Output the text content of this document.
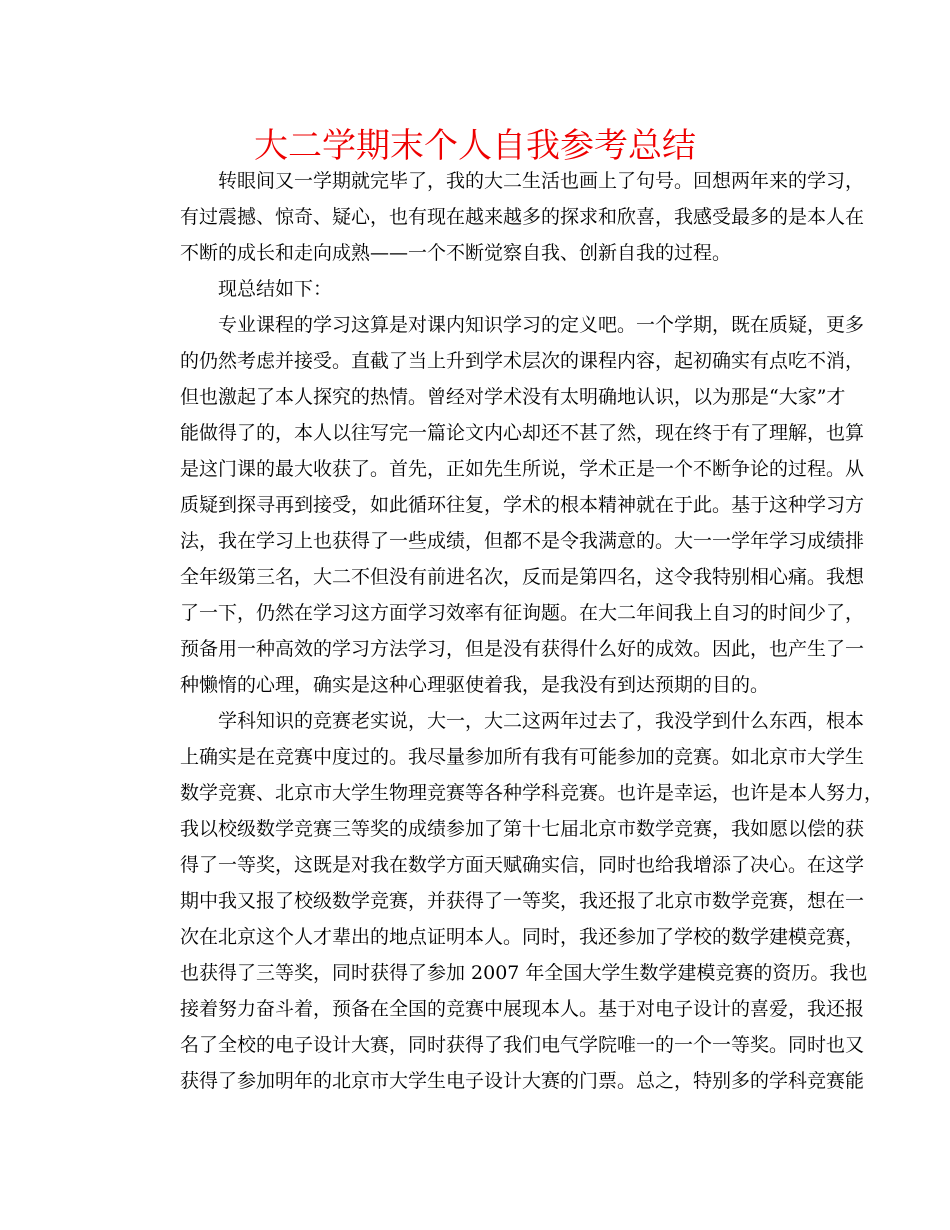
大二学期末个人自我参考总结
转眼间又一学期就完毕了，我的大二生活也画上了句号。回想两年来的学习，
有过震撼、惊奇、疑心，也有现在越来越多的探求和欣喜，我感受最多的是本人在
不断的成长和走向成熟——一个不断觉察自我、创新自我的过程。
现总结如下：
专业课程的学习这算是对课内知识学习的定义吧。一个学期，既在质疑，更多
的仍然考虑并接受。直截了当上升到学术层次的课程内容，起初确实有点吃不消，
但也激起了本人探究的热情。曾经对学术没有太明确地认识，以为那是“大家”才
能做得了的，本人以往写完一篇论文内心却还不甚了然，现在终于有了理解，也算
是这门课的最大收获了。首先，正如先生所说，学术正是一个不断争论的过程。从
质疑到探寻再到接受，如此循环往复，学术的根本精神就在于此。基于这种学习方
法，我在学习上也获得了一些成绩，但都不是令我满意的。大一一学年学习成绩排
全年级第三名，大二不但没有前进名次，反而是第四名，这令我特别相心痛。我想
了一下，仍然在学习这方面学习效率有征询题。在大二年间我上自习的时间少了，
预备用一种高效的学习方法学习，但是没有获得什么好的成效。因此，也产生了一
种懒惰的心理，确实是这种心理驱使着我，是我没有到达预期的目的。
学科知识的竞赛老实说，大一，大二这两年过去了，我没学到什么东西，根本
上确实是在竞赛中度过的。我尽量参加所有我有可能参加的竞赛。如北京市大学生
数学竞赛、北京市大学生物理竞赛等各种学科竞赛。也许是幸运，也许是本人努力，
我以校级数学竞赛三等奖的成绩参加了第十七届北京市数学竞赛，我如愿以偿的获
得了一等奖，这既是对我在数学方面天赋确实信，同时也给我增添了决心。在这学
期中我又报了校级数学竞赛，并获得了一等奖，我还报了北京市数学竞赛，想在一
次在北京这个人才辈出的地点证明本人。同时，我还参加了学校的数学建模竞赛，
也获得了三等奖，同时获得了参加 2007 年全国大学生数学建模竞赛的资历。我也
接着努力奋斗着，预备在全国的竞赛中展现本人。基于对电子设计的喜爱，我还报
名了全校的电子设计大赛，同时获得了我们电气学院唯一的一个一等奖。同时也又
获得了参加明年的北京市大学生电子设计大赛的门票。总之，特别多的学科竞赛能
